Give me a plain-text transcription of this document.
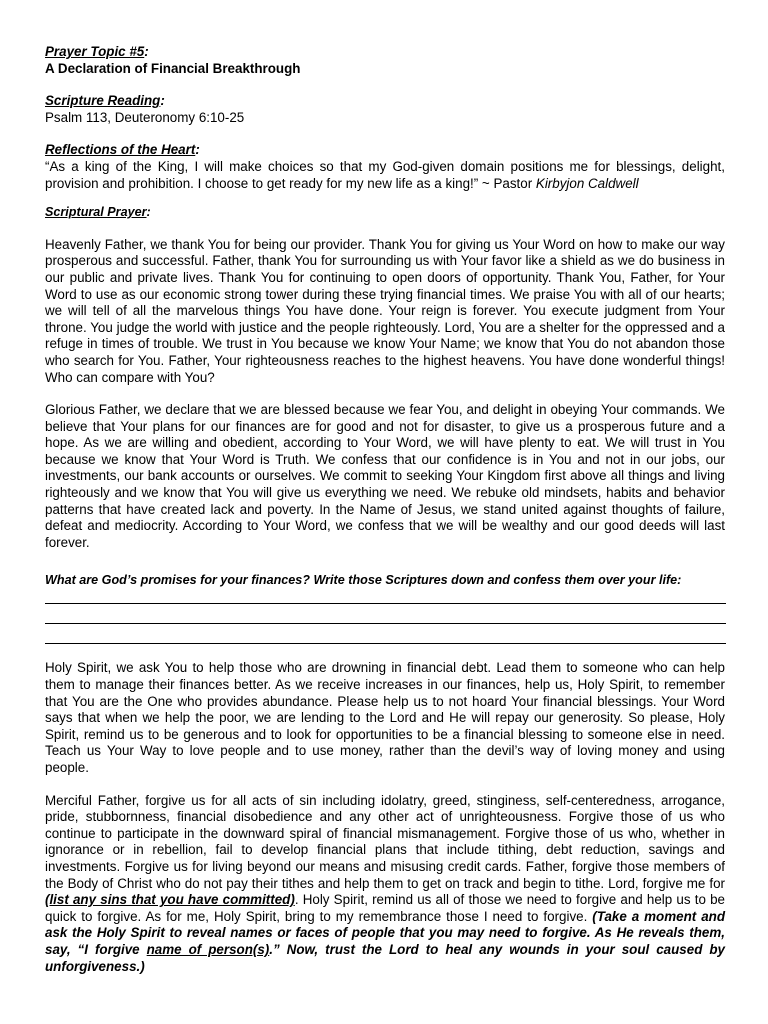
Prayer Topic #5:

A Declaration of Financial Breakthrough

Scripture Reading:

Psalm 113, Deuteronomy 6:10-25

Reflections of the Heart:

“As a king of the King, I will make choices so that my God-given domain positions me for blessings, delight, provision and prohibition. I choose to get ready for my new life as a king!” ~ Pastor Kirbyjon Caldwell

Scriptural Prayer:

Heavenly Father, we thank You for being our provider. Thank You for giving us Your Word on how to make our way prosperous and successful. Father, thank You for surrounding us with Your favor like a shield as we do business in our public and private lives. Thank You for continuing to open doors of opportunity. Thank You, Father, for Your Word to use as our economic strong tower during these trying financial times. We praise You with all of our hearts; we will tell of all the marvelous things You have done. Your reign is forever. You execute judgment from Your throne. You judge the world with justice and the people righteously. Lord, You are a shelter for the oppressed and a refuge in times of trouble. We trust in You because we know Your Name; we know that You do not abandon those who search for You. Father, Your righteousness reaches to the highest heavens. You have done wonderful things! Who can compare with You?

Glorious Father, we declare that we are blessed because we fear You, and delight in obeying Your commands. We believe that Your plans for our finances are for good and not for disaster, to give us a prosperous future and a hope. As we are willing and obedient, according to Your Word, we will have plenty to eat. We will trust in You because we know that Your Word is Truth. We confess that our confidence is in You and not in our jobs, our investments, our bank accounts or ourselves. We commit to seeking Your Kingdom first above all things and living righteously and we know that You will give us everything we need. We rebuke old mindsets, habits and behavior patterns that have created lack and poverty. In the Name of Jesus, we stand united against thoughts of failure, defeat and mediocrity. According to Your Word, we confess that we will be wealthy and our good deeds will last forever.

What are God’s promises for your finances? Write those Scriptures down and confess them over your life:

Holy Spirit, we ask You to help those who are drowning in financial debt. Lead them to someone who can help them to manage their finances better. As we receive increases in our finances, help us, Holy Spirit, to remember that You are the One who provides abundance. Please help us to not hoard Your financial blessings. Your Word says that when we help the poor, we are lending to the Lord and He will repay our generosity. So please, Holy Spirit, remind us to be generous and to look for opportunities to be a financial blessing to someone else in need. Teach us Your Way to love people and to use money, rather than the devil’s way of loving money and using people.

Merciful Father, forgive us for all acts of sin including idolatry, greed, stinginess, self-centeredness, arrogance, pride, stubbornness, financial disobedience and any other act of unrighteousness. Forgive those of us who continue to participate in the downward spiral of financial mismanagement. Forgive those of us who, whether in ignorance or in rebellion, fail to develop financial plans that include tithing, debt reduction, savings and investments. Forgive us for living beyond our means and misusing credit cards. Father, forgive those members of the Body of Christ who do not pay their tithes and help them to get on track and begin to tithe. Lord, forgive me for (list any sins that you have committed). Holy Spirit, remind us all of those we need to forgive and help us to be quick to forgive. As for me, Holy Spirit, bring to my remembrance those I need to forgive. (Take a moment and ask the Holy Spirit to reveal names or faces of people that you may need to forgive. As He reveals them, say, “I forgive name of person(s).” Now, trust the Lord to heal any wounds in your soul caused by unforgiveness.)
